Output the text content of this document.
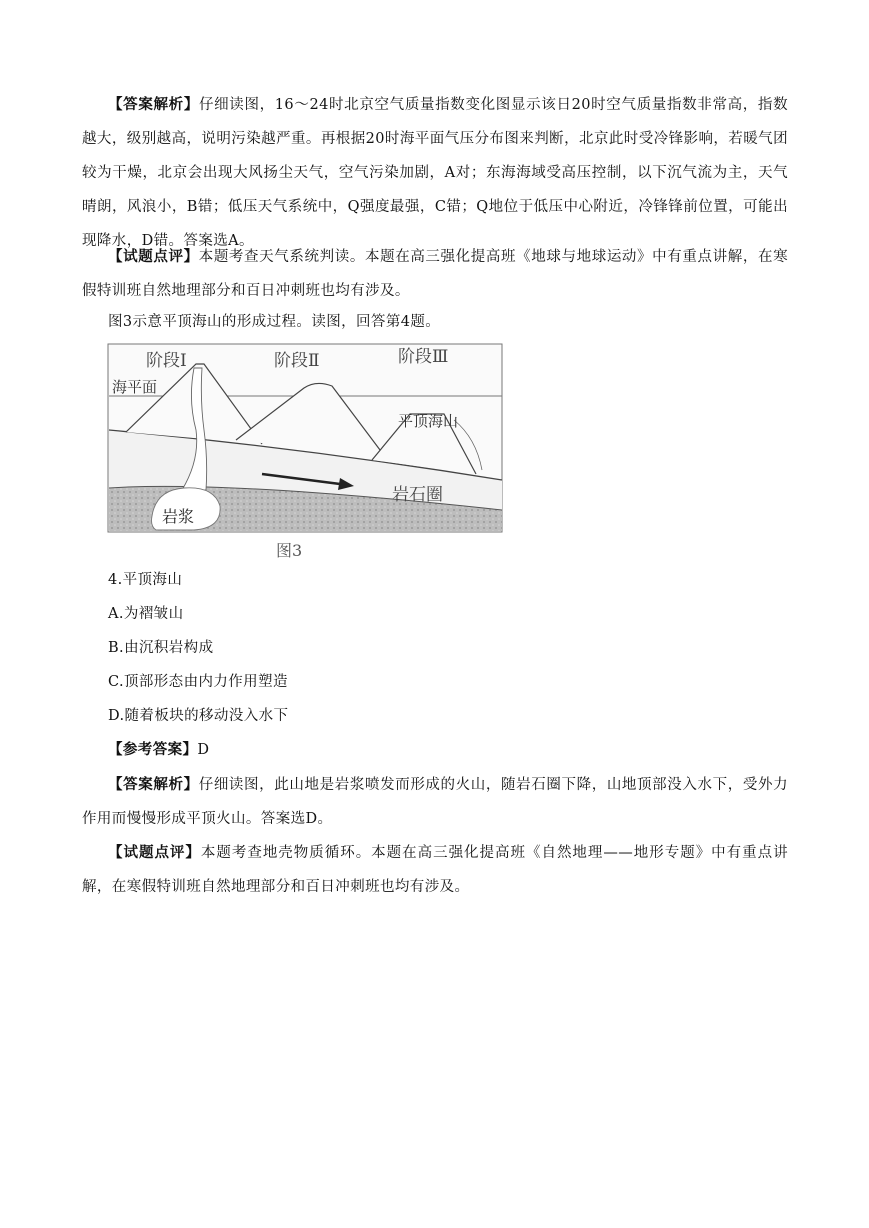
【答案解析】仔细读图，16～24时北京空气质量指数变化图显示该日20时空气质量指数非常高，指数越大，级别越高，说明污染越严重。再根据20时海平面气压分布图来判断，北京此时受冷锋影响，若暖气团较为干燥，北京会出现大风扬尘天气，空气污染加剧，A对；东海海域受高压控制，以下沉气流为主，天气晴朗，风浪小，B错；低压天气系统中，Q强度最强，C错；Q地位于低压中心附近，冷锋锋前位置，可能出现降水，D错。答案选A。

【试题点评】本题考查天气系统判读。本题在高三强化提高班《地球与地球运动》中有重点讲解，在寒假特训班自然地理部分和百日冲刺班也均有涉及。

图3示意平顶海山的形成过程。读图，回答第4题。

阶段Ⅰ	阶段Ⅱ	阶段Ⅲ
海平面
平顶海山
岩石圈
岩浆
图3

4.平顶海山

A.为褶皱山

B.由沉积岩构成

C.顶部形态由内力作用塑造

D.随着板块的移动没入水下

【参考答案】D

【答案解析】仔细读图，此山地是岩浆喷发而形成的火山，随岩石圈下降，山地顶部没入水下，受外力作用而慢慢形成平顶火山。答案选D。

【试题点评】本题考查地壳物质循环。本题在高三强化提高班《自然地理——地形专题》中有重点讲解，在寒假特训班自然地理部分和百日冲刺班也均有涉及。
